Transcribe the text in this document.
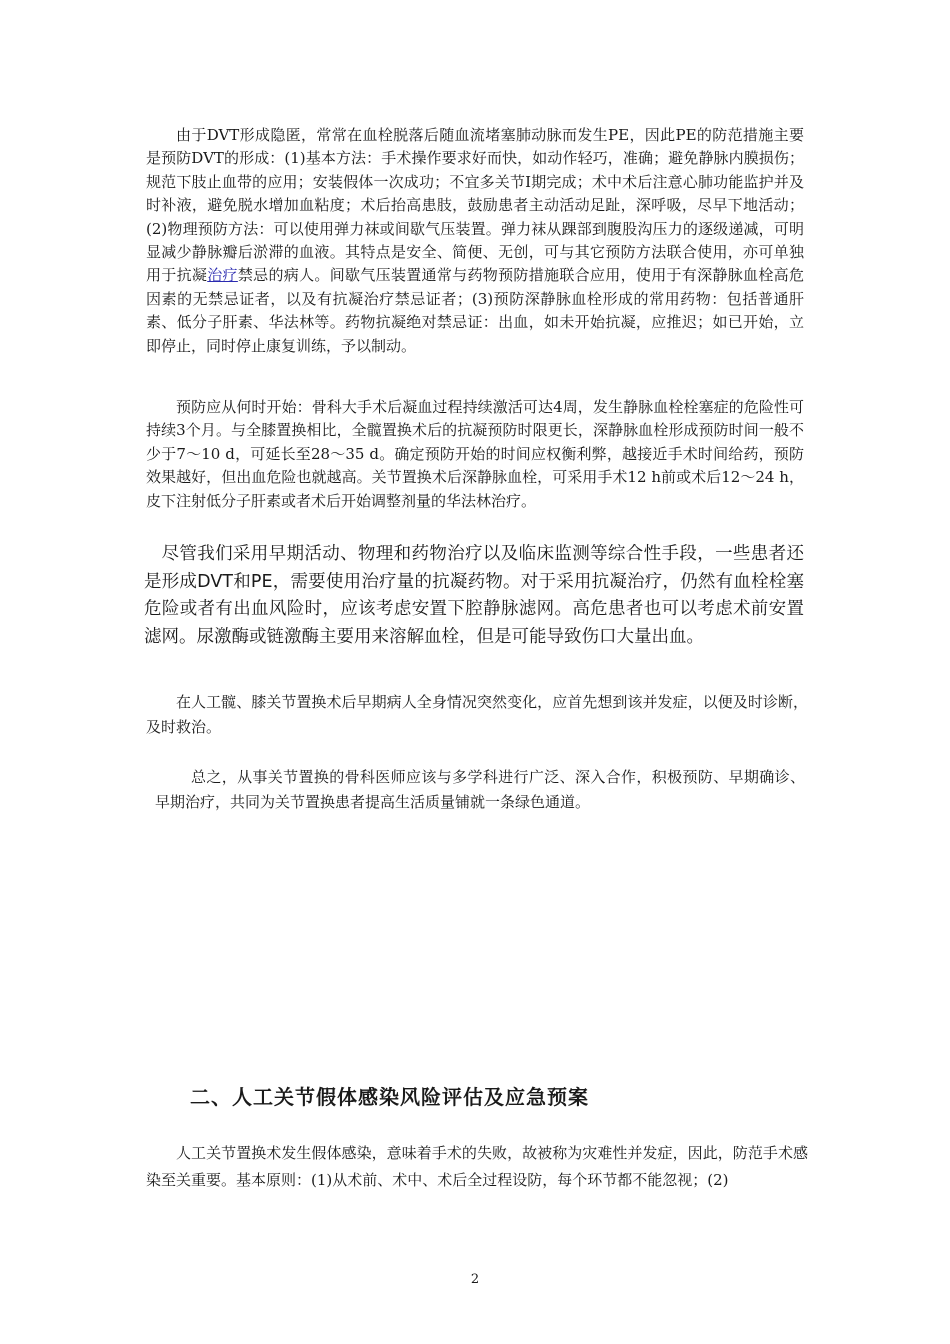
由于DVT形成隐匿，常常在血栓脱落后随血流堵塞肺动脉而发生PE，因此PE的防范措施主要是预防DVT的形成：(1)基本方法：手术操作要求好而快，如动作轻巧，准确；避免静脉内膜损伤；规范下肢止血带的应用；安装假体一次成功；不宜多关节Ⅰ期完成；术中术后注意心肺功能监护并及时补液，避免脱水增加血粘度；术后抬高患肢，鼓励患者主动活动足趾，深呼吸，尽早下地活动；(2)物理预防方法：可以使用弹力袜或间歇气压装置。弹力袜从踝部到腹股沟压力的逐级递减，可明显减少静脉瓣后淤滞的血液。其特点是安全、简便、无创，可与其它预防方法联合使用，亦可单独用于抗凝治疗禁忌的病人。间歇气压装置通常与药物预防措施联合应用，使用于有深静脉血栓高危因素的无禁忌证者，以及有抗凝治疗禁忌证者；(3)预防深静脉血栓形成的常用药物：包括普通肝素、低分子肝素、华法林等。药物抗凝绝对禁忌证：出血，如未开始抗凝，应推迟；如已开始，立即停止，同时停止康复训练，予以制动。

预防应从何时开始：骨科大手术后凝血过程持续激活可达4周，发生静脉血栓栓塞症的危险性可持续3个月。与全膝置换相比，全髋置换术后的抗凝预防时限更长，深静脉血栓形成预防时间一般不少于7～10 d，可延长至28～35 d。确定预防开始的时间应权衡利弊，越接近手术时间给药，预防效果越好，但出血危险也就越高。关节置换术后深静脉血栓，可采用手术12 h前或术后12～24 h，皮下注射低分子肝素或者术后开始调整剂量的华法林治疗。

尽管我们采用早期活动、物理和药物治疗以及临床监测等综合性手段，一些患者还是形成DVT和PE，需要使用治疗量的抗凝药物。对于采用抗凝治疗，仍然有血栓栓塞危险或者有出血风险时，应该考虑安置下腔静脉滤网。高危患者也可以考虑术前安置滤网。尿激酶或链激酶主要用来溶解血栓，但是可能导致伤口大量出血。

在人工髋、膝关节置换术后早期病人全身情况突然变化，应首先想到该并发症，以便及时诊断，及时救治。

总之，从事关节置换的骨科医师应该与多学科进行广泛、深入合作，积极预防、早期确诊、早期治疗，共同为关节置换患者提高生活质量铺就一条绿色通道。

二、人工关节假体感染风险评估及应急预案

人工关节置换术发生假体感染，意味着手术的失败，故被称为灾难性并发症，因此，防范手术感染至关重要。基本原则：(1)从术前、术中、术后全过程设防，每个环节都不能忽视；(2)

2
